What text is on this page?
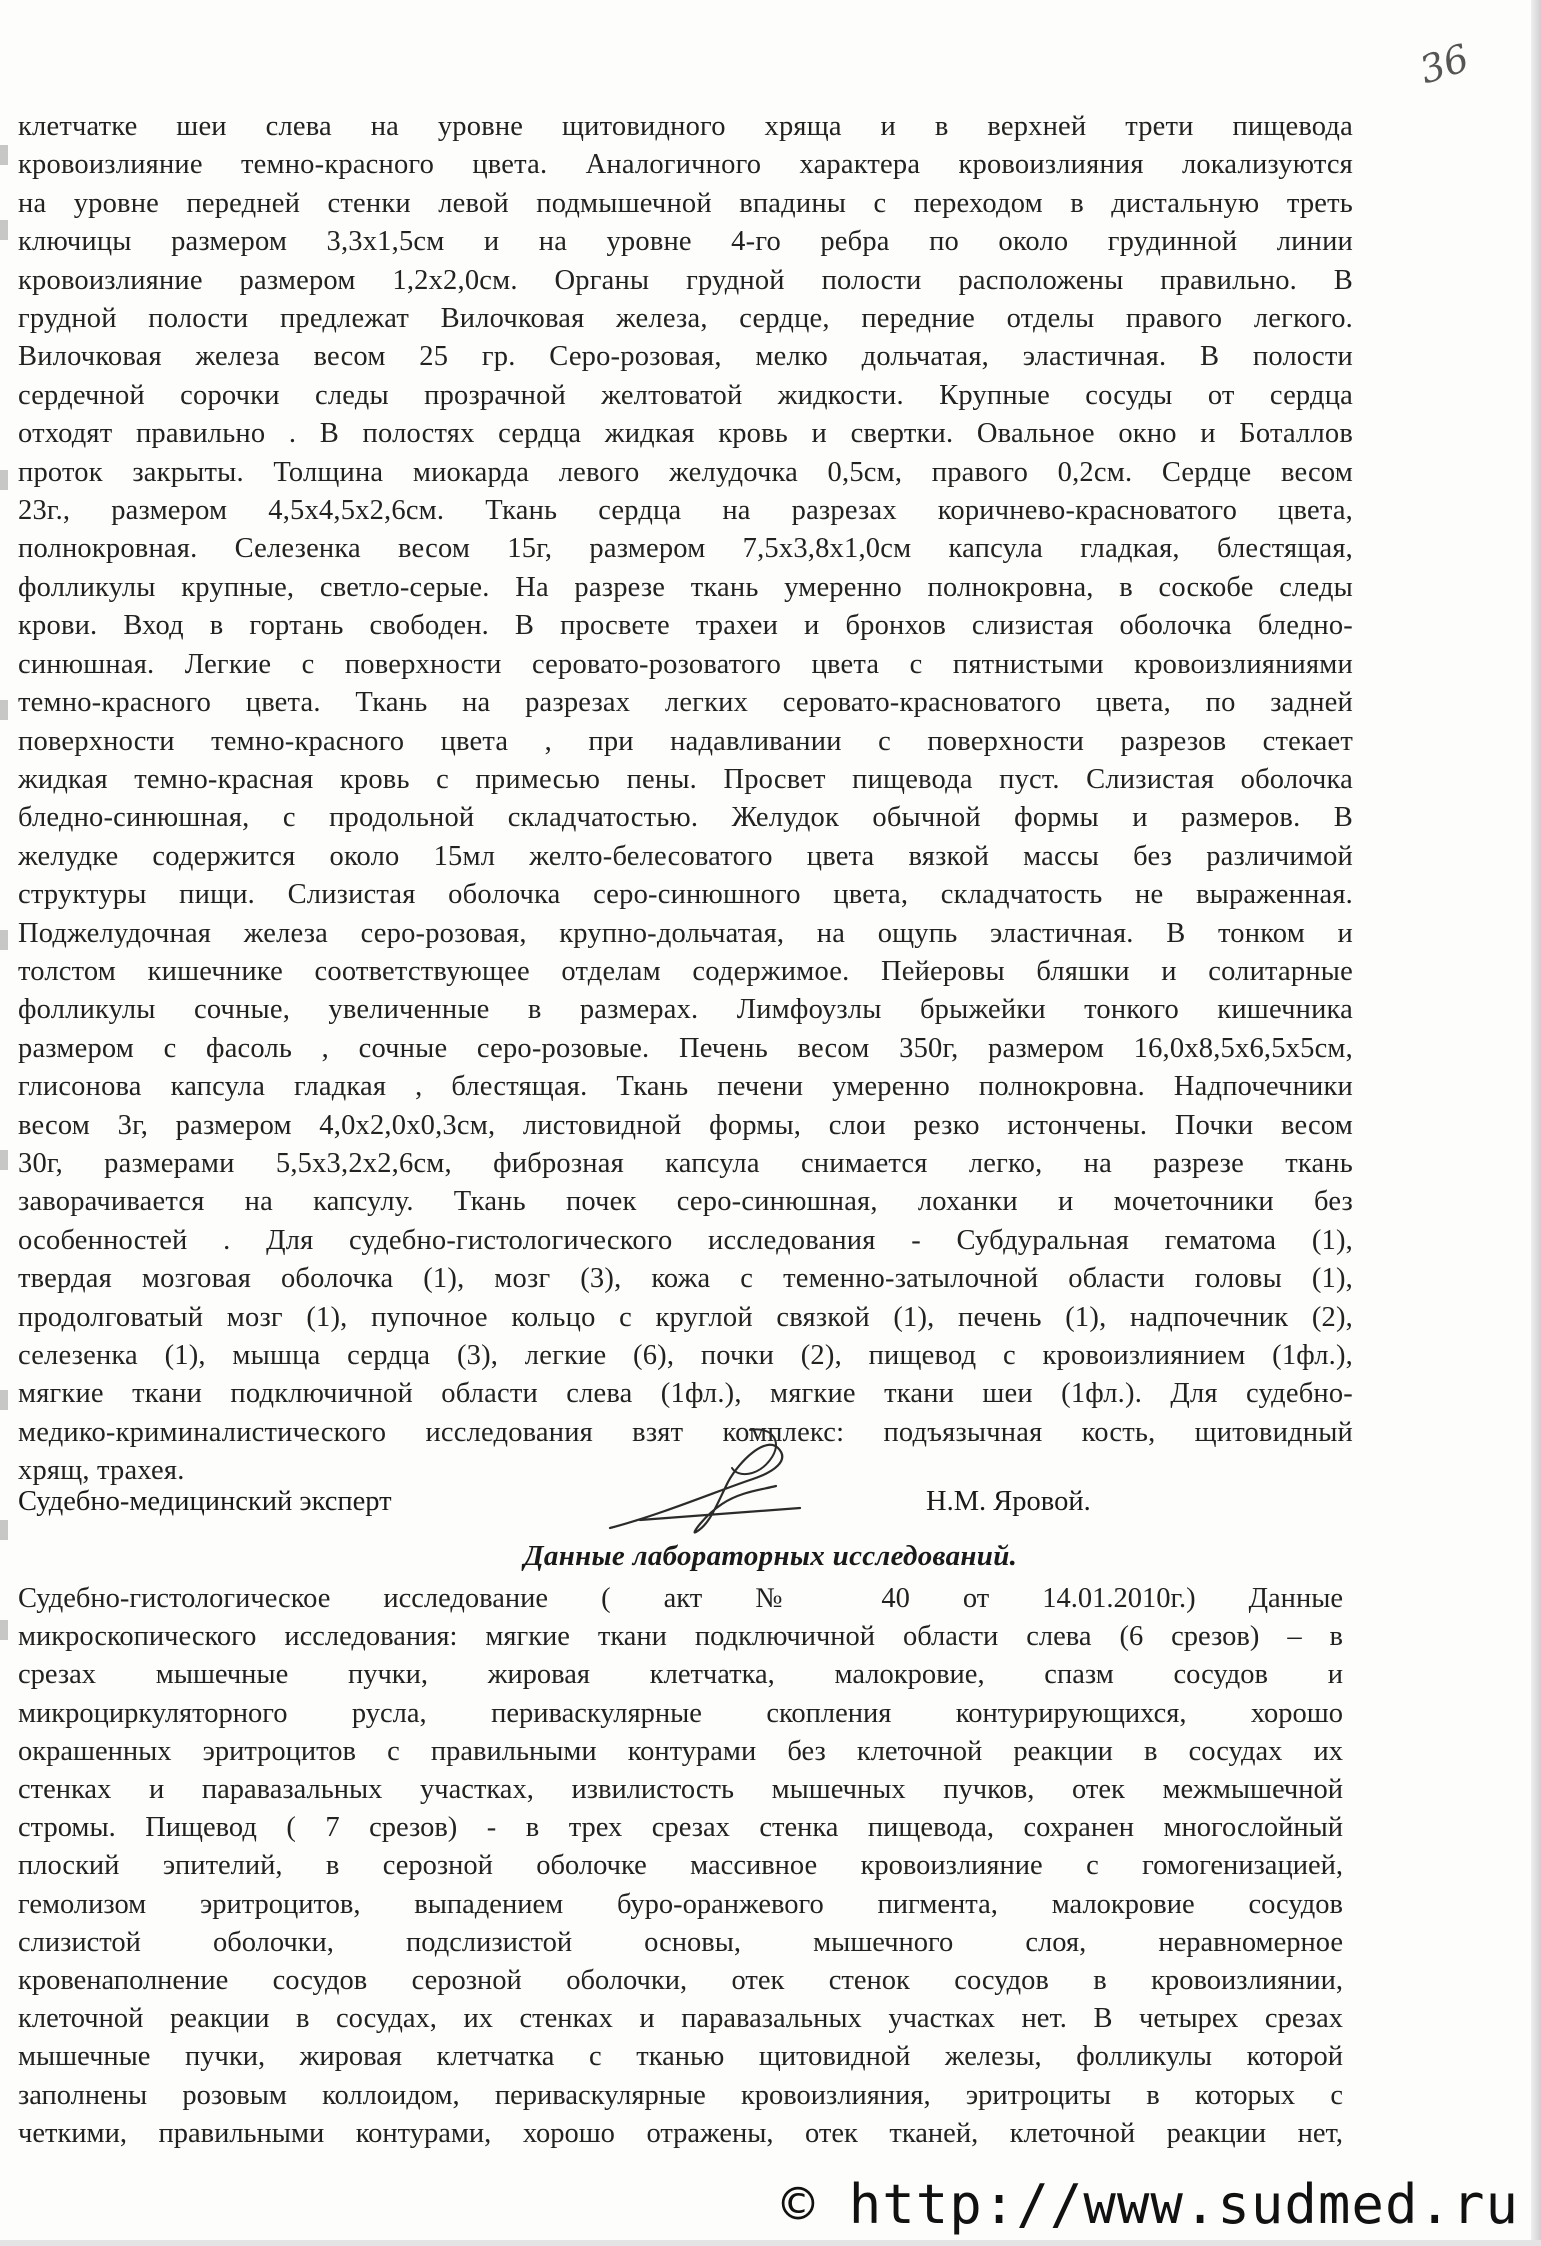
36
клетчатке шеи слева на уровне щитовидного хряща и в верхней трети пищевода
кровоизлияние темно-красного цвета. Аналогичного характера кровоизлияния локализуются
на уровне передней стенки левой подмышечной впадины с переходом в дистальную треть
ключицы размером 3,3х1,5см и на уровне 4-го ребра по около грудинной линии
кровоизлияние размером 1,2х2,0см. Органы грудной полости расположены правильно. В
грудной полости предлежат Вилочковая железа, сердце, передние отделы правого легкого.
Вилочковая железа весом 25 гр. Серо-розовая, мелко дольчатая, эластичная. В полости
сердечной сорочки следы прозрачной желтоватой жидкости. Крупные сосуды от сердца
отходят правильно . В полостях сердца жидкая кровь и свертки. Овальное окно и Боталлов
проток закрыты. Толщина миокарда левого желудочка 0,5см, правого 0,2см. Сердце весом
23г., размером 4,5х4,5х2,6см. Ткань сердца на разрезах коричнево-красноватого цвета,
полнокровная. Селезенка весом 15г, размером 7,5х3,8х1,0см капсула гладкая, блестящая,
фолликулы крупные, светло-серые. На разрезе ткань умеренно полнокровна, в соскобе следы
крови. Вход в гортань свободен. В просвете трахеи и бронхов слизистая оболочка бледно-
синюшная. Легкие с поверхности серовато-розоватого цвета с пятнистыми кровоизлияниями
темно-красного цвета. Ткань на разрезах легких серовато-красноватого цвета, по задней
поверхности темно-красного цвета , при надавливании с поверхности разрезов стекает
жидкая темно-красная кровь с примесью пены. Просвет пищевода пуст. Слизистая оболочка
бледно-синюшная, с продольной складчатостью. Желудок обычной формы и размеров. В
желудке содержится около 15мл желто-белесоватого цвета вязкой массы без различимой
структуры пищи. Слизистая оболочка серо-синюшного цвета, складчатость не выраженная.
Поджелудочная железа серо-розовая, крупно-дольчатая, на ощупь эластичная. В тонком и
толстом кишечнике соответствующее отделам содержимое. Пейеровы бляшки и солитарные
фолликулы сочные, увеличенные в размерах. Лимфоузлы брыжейки тонкого кишечника
размером с фасоль , сочные серо-розовые. Печень весом 350г, размером 16,0х8,5х6,5х5см,
глисонова капсула гладкая , блестящая. Ткань печени умеренно полнокровна. Надпочечники
весом 3г, размером 4,0х2,0х0,3см, листовидной формы, слои резко истончены. Почки весом
30г, размерами 5,5х3,2х2,6см, фиброзная капсула снимается легко, на разрезе ткань
заворачивается на капсулу. Ткань почек серо-синюшная, лоханки и мочеточники без
особенностей . Для судебно-гистологического исследования - Субдуральная гематома (1),
твердая мозговая оболочка (1), мозг (3), кожа с теменно-затылочной области головы (1),
продолговатый мозг (1), пупочное кольцо с круглой связкой (1), печень (1), надпочечник (2),
селезенка (1), мышца сердца (3), легкие (6), почки (2), пищевод с кровоизлиянием (1фл.),
мягкие ткани подключичной области слева (1фл.), мягкие ткани шеи (1фл.). Для судебно-
медико-криминалистического исследования взят комплекс: подъязычная кость, щитовидный
хрящ, трахея.
Судебно-медицинский эксперт	Н.М. Яровой.
Данные лабораторных исследований.
Судебно-гистологическое исследование ( акт № 40 от 14.01.2010г.) Данные
микроскопического исследования: мягкие ткани подключичной области слева (6 срезов) – в
срезах мышечные пучки, жировая клетчатка, малокровие, спазм сосудов и
микроциркуляторного русла, периваскулярные скопления контурирующихся, хорошо
окрашенных эритроцитов с правильными контурами без клеточной реакции в сосудах их
стенках и паравазальных участках, извилистость мышечных пучков, отек межмышечной
стромы. Пищевод ( 7 срезов) - в трех срезах стенка пищевода, сохранен многослойный
плоский эпителий, в серозной оболочке массивное кровоизлияние с гомогенизацией,
гемолизом эритроцитов, выпадением буро-оранжевого пигмента, малокровие сосудов
слизистой оболочки, подслизистой основы, мышечного слоя, неравномерное
кровенаполнение сосудов серозной оболочки, отек стенок сосудов в кровоизлиянии,
клеточной реакции в сосудах, их стенках и паравазальных участках нет. В четырех срезах
мышечные пучки, жировая клетчатка с тканью щитовидной железы, фолликулы которой
заполнены розовым коллоидом, периваскулярные кровоизлияния, эритроциты в которых с
четкими, правильными контурами, хорошо отражены, отек тканей, клеточной реакции нет,
© http://www.sudmed.ru
